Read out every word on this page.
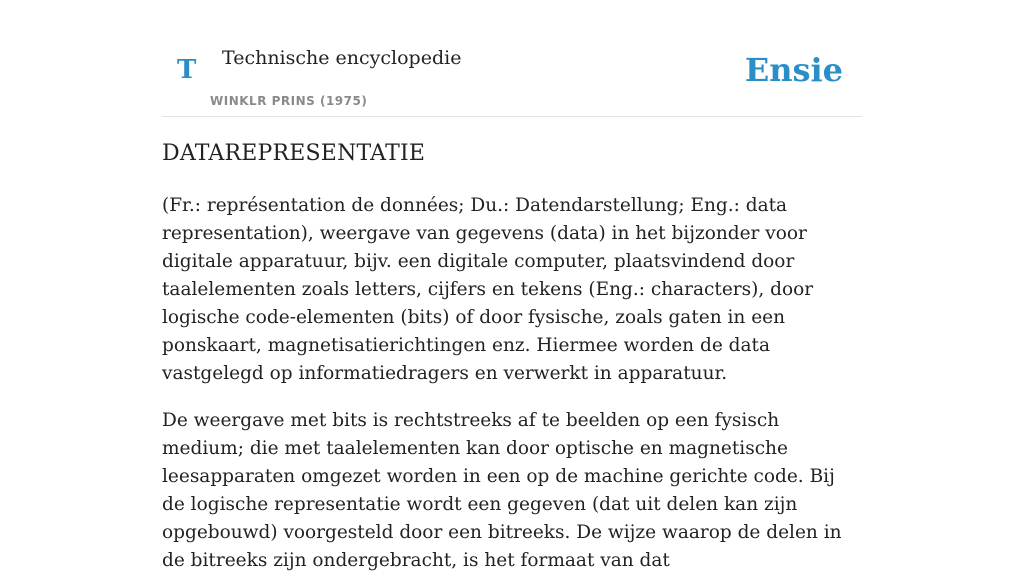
T Technische encyclopedie
WINKLR PRINS (1975)
Ensie
DATAREPRESENTATIE

(Fr.: représentation de données; Du.: Datendarstellung; Eng.: data representation), weergave van gegevens (data) in het bijzonder voor digitale apparatuur, bijv. een digitale computer, plaatsvindend door taalelementen zoals letters, cijfers en tekens (Eng.: characters), door logische code-elementen (bits) of door fysische, zoals gaten in een ponskaart, magnetisatierichtingen enz. Hiermee worden de data vastgelegd op informatiedragers en verwerkt in apparatuur.

De weergave met bits is rechtstreeks af te beelden op een fysisch medium; die met taalelementen kan door optische en magnetische leesapparaten omgezet worden in een op de machine gerichte code. Bij de logische representatie wordt een gegeven (dat uit delen kan zijn opgebouwd) voorgesteld door een bitreeks. De wijze waarop de delen in de bitreeks zijn ondergebracht, is het formaat van dat
